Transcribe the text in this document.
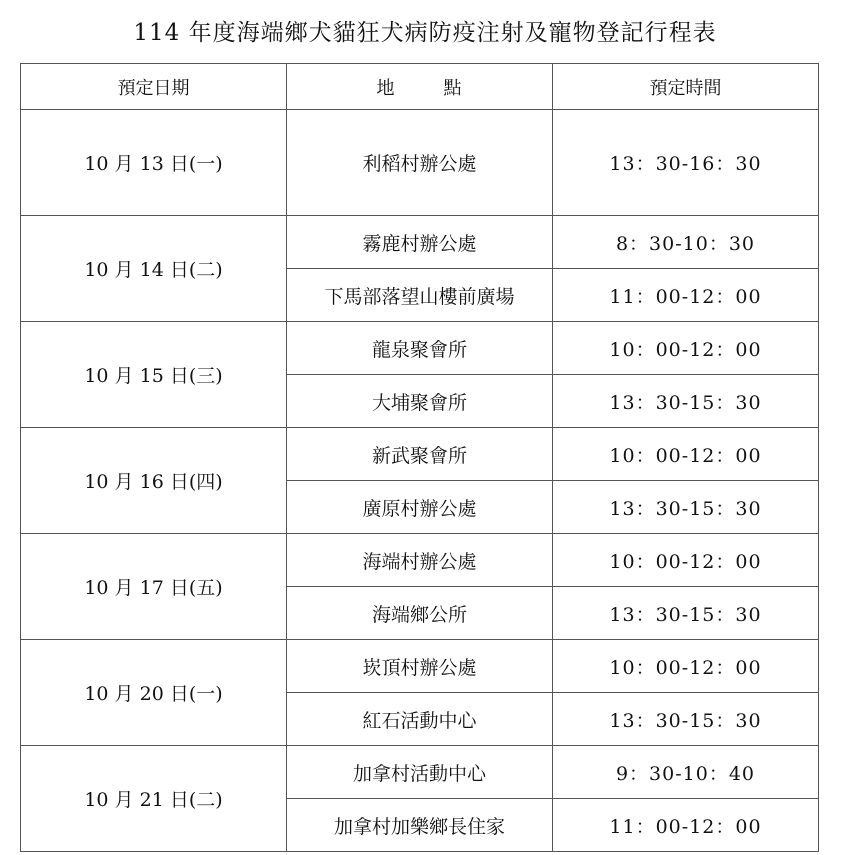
114 年度海端鄉犬貓狂犬病防疫注射及寵物登記行程表
預定日期	地 點	預定時間
10 月 13 日(一)	利稻村辦公處	13：30-16：30
10 月 14 日(二)	霧鹿村辦公處	8：30-10：30
	下馬部落望山樓前廣場	11：00-12：00
10 月 15 日(三)	龍泉聚會所	10：00-12：00
	大埔聚會所	13：30-15：30
10 月 16 日(四)	新武聚會所	10：00-12：00
	廣原村辦公處	13：30-15：30
10 月 17 日(五)	海端村辦公處	10：00-12：00
	海端鄉公所	13：30-15：30
10 月 20 日(一)	崁頂村辦公處	10：00-12：00
	紅石活動中心	13：30-15：30
10 月 21 日(二)	加拿村活動中心	9：30-10：40
	加拿村加樂鄉長住家	11：00-12：00
